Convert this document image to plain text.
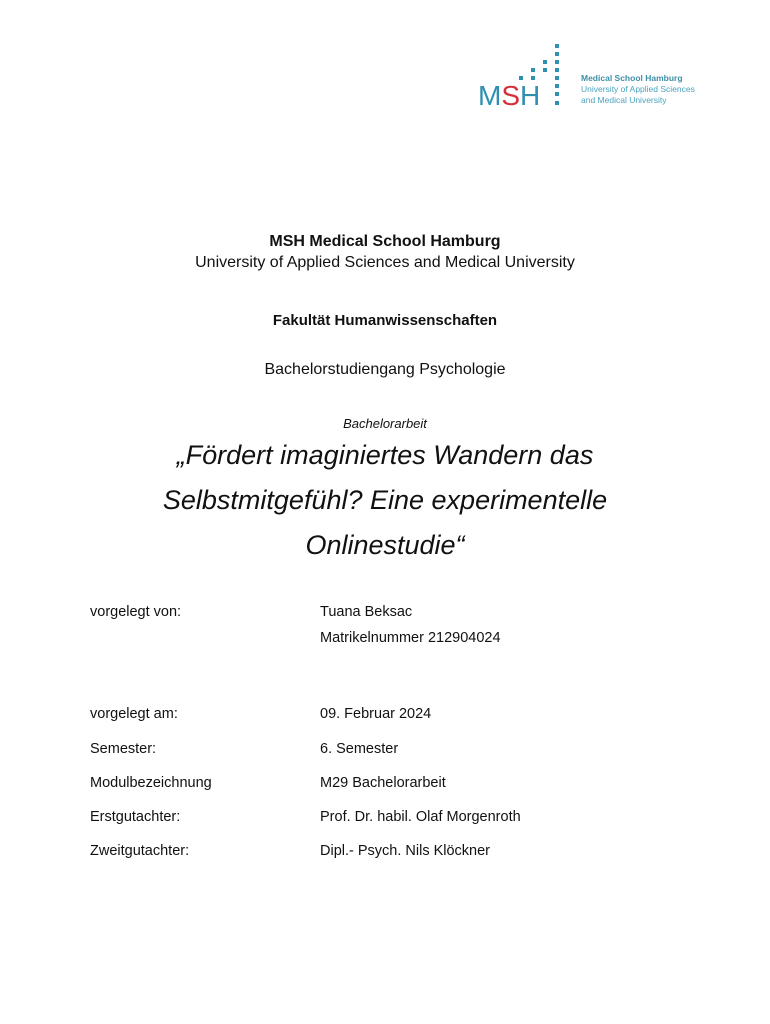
MSH
Medical School Hamburg
University of Applied Sciences
and Medical University
MSH Medical School Hamburg
University of Applied Sciences and Medical University
Fakultät Humanwissenschaften
Bachelorstudiengang Psychologie
Bachelorarbeit
„Fördert imaginiertes Wandern das
Selbstmitgefühl? Eine experimentelle
Onlinestudie“
vorgelegt von:	Tuana Beksac
Matrikelnummer 212904024
vorgelegt am:	09. Februar 2024
Semester:	6. Semester
Modulbezeichnung	M29 Bachelorarbeit
Erstgutachter:	Prof. Dr. habil. Olaf Morgenroth
Zweitgutachter:	Dipl.- Psych. Nils Klöckner
